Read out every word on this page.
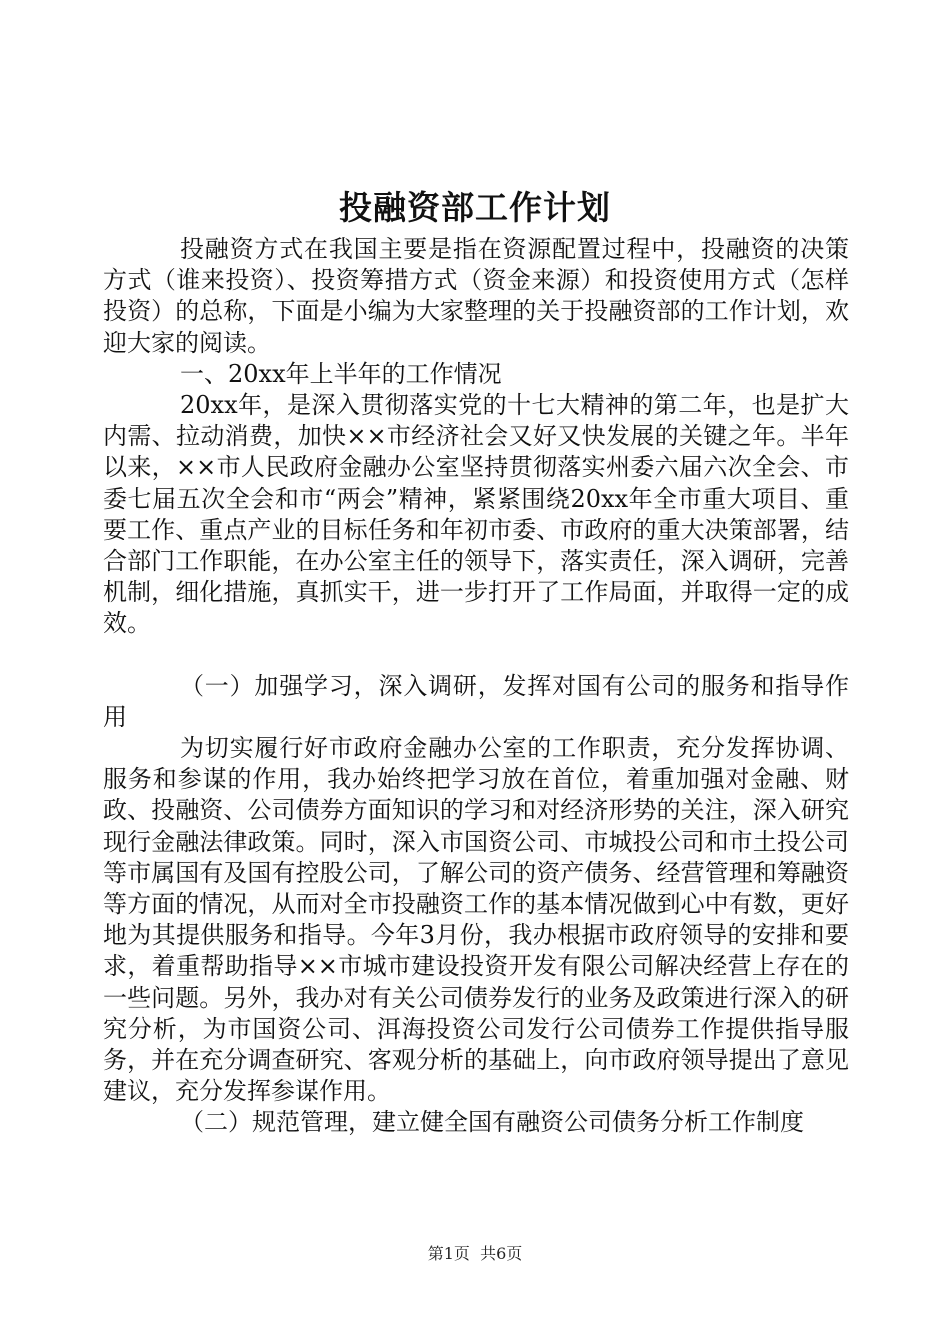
投融资部工作计划

投融资方式在我国主要是指在资源配置过程中，投融资的决策方式（谁来投资）、投资筹措方式（资金来源）和投资使用方式（怎样投资）的总称，下面是小编为大家整理的关于投融资部的工作计划，欢迎大家的阅读。

一、20xx年上半年的工作情况

20xx年，是深入贯彻落实党的十七大精神的第二年，也是扩大内需、拉动消费，加快××市经济社会又好又快发展的关键之年。半年以来，××市人民政府金融办公室坚持贯彻落实州委六届六次全会、市委七届五次全会和市“两会”精神，紧紧围绕20xx年全市重大项目、重要工作、重点产业的目标任务和年初市委、市政府的重大决策部署，结合部门工作职能，在办公室主任的领导下，落实责任，深入调研，完善机制，细化措施，真抓实干，进一步打开了工作局面，并取得一定的成效。

（一）加强学习，深入调研，发挥对国有公司的服务和指导作用

为切实履行好市政府金融办公室的工作职责，充分发挥协调、服务和参谋的作用，我办始终把学习放在首位，着重加强对金融、财政、投融资、公司债券方面知识的学习和对经济形势的关注，深入研究现行金融法律政策。同时，深入市国资公司、市城投公司和市土投公司等市属国有及国有控股公司，了解公司的资产债务、经营管理和筹融资等方面的情况，从而对全市投融资工作的基本情况做到心中有数，更好地为其提供服务和指导。今年3月份，我办根据市政府领导的安排和要求，着重帮助指导××市城市建设投资开发有限公司解决经营上存在的一些问题。另外，我办对有关公司债券发行的业务及政策进行深入的研究分析，为市国资公司、洱海投资公司发行公司债券工作提供指导服务，并在充分调查研究、客观分析的基础上，向市政府领导提出了意见建议，充分发挥参谋作用。

（二）规范管理，建立健全国有融资公司债务分析工作制度

第1页 共6页
